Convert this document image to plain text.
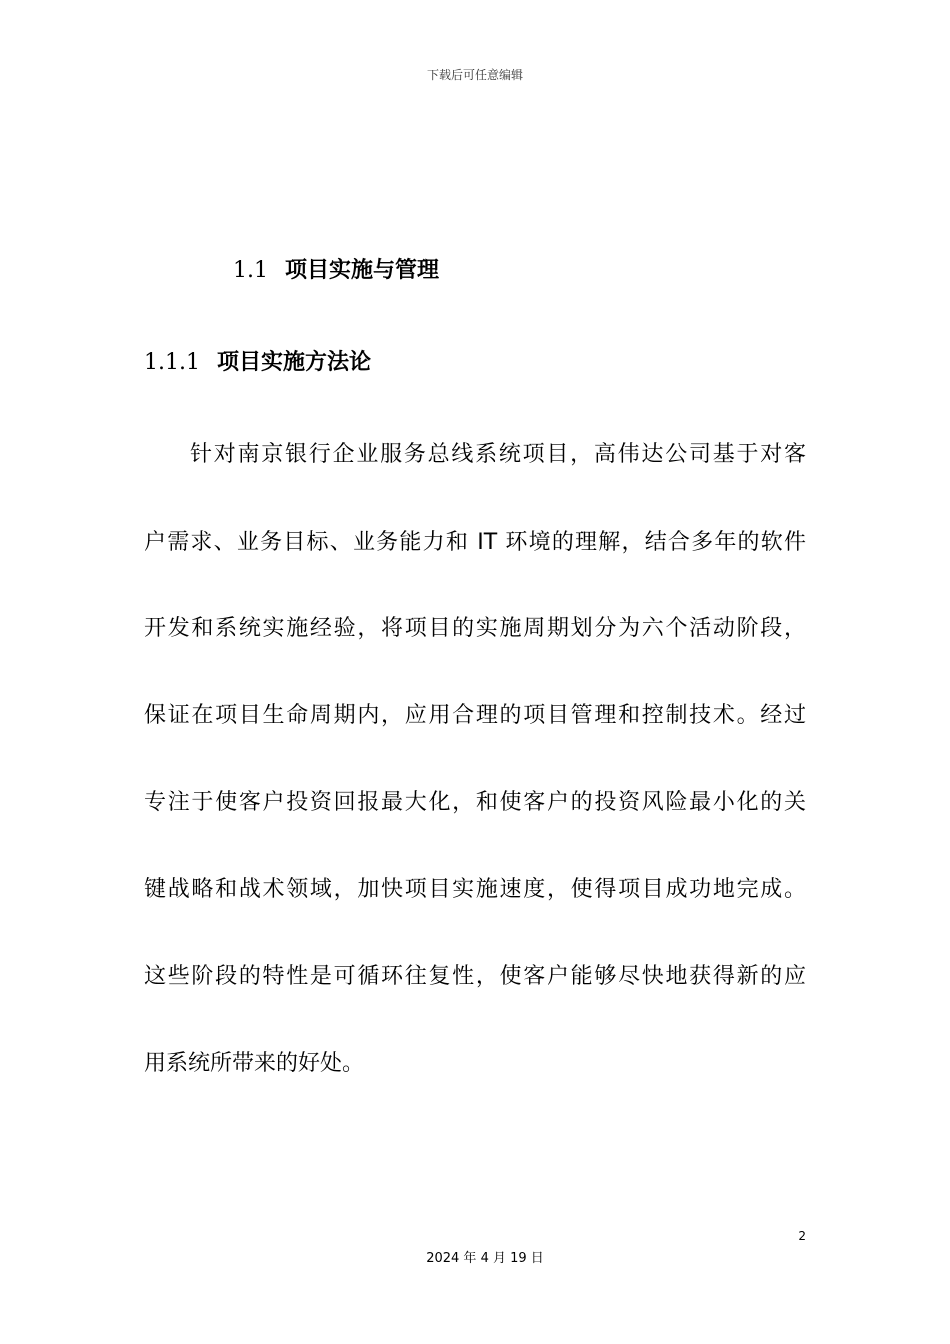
下载后可任意编辑
1.1 项目实施与管理
1.1.1 项目实施方法论
针对南京银行企业服务总线系统项目，高伟达公司基于对客
户需求、业务目标、业务能力和 IT 环境的理解，结合多年的软件
开发和系统实施经验，将项目的实施周期划分为六个活动阶段，
保证在项目生命周期内，应用合理的项目管理和控制技术。经过
专注于使客户投资回报最大化，和使客户的投资风险最小化的关
键战略和战术领域，加快项目实施速度，使得项目成功地完成。
这些阶段的特性是可循环往复性，使客户能够尽快地获得新的应
用系统所带来的好处。
2
2024 年 4 月 19 日
